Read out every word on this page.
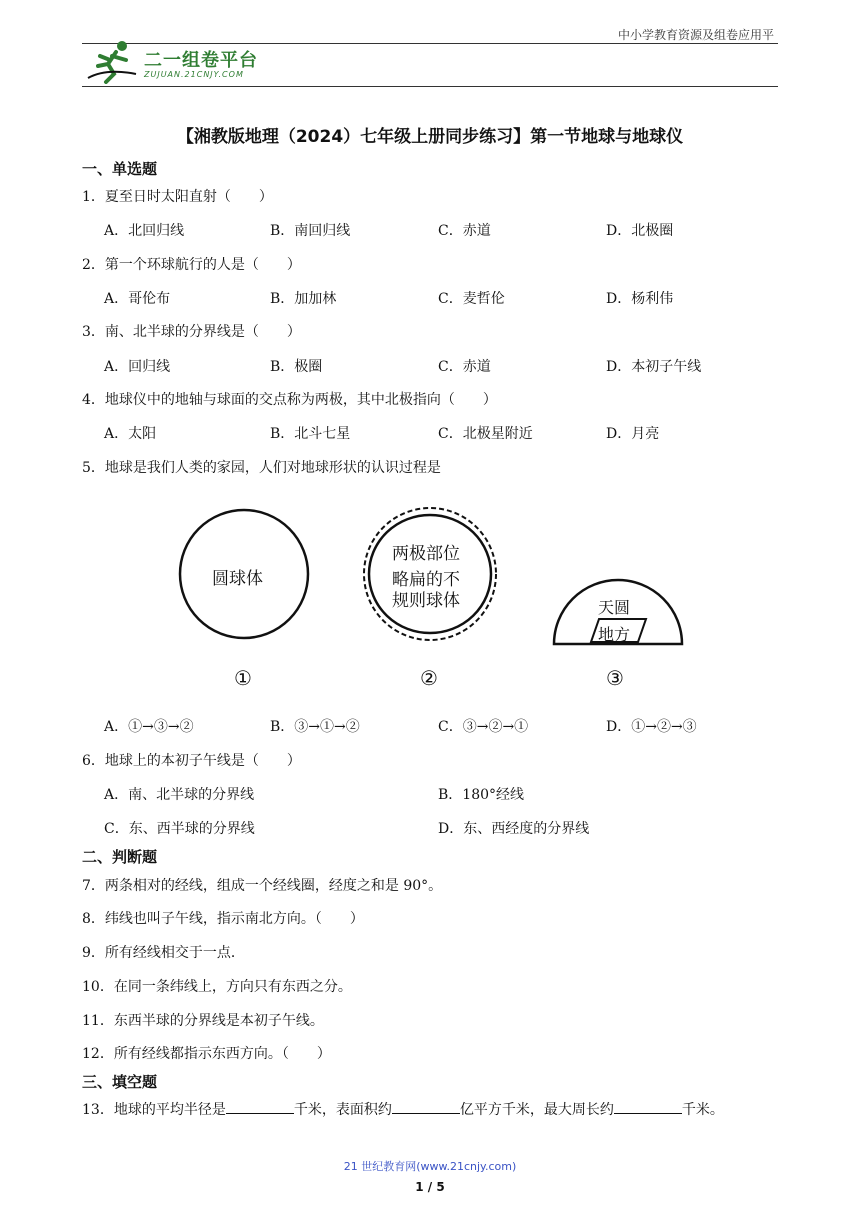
中小学教育资源及组卷应用平
二一组卷平台
ZUJUAN.21CNJY.COM
【湘教版地理（2024）七年级上册同步练习】第一节地球与地球仪
一、单选题
1．夏至日时太阳直射（　　）
A．北回归线	B．南回归线	C．赤道	D．北极圈
2．第一个环球航行的人是（　　）
A．哥伦布	B．加加林	C．麦哲伦	D．杨利伟
3．南、北半球的分界线是（　　）
A．回归线	B．极圈	C．赤道	D．本初子午线
4．地球仪中的地轴与球面的交点称为两极，其中北极指向（　　）
A．太阳	B．北斗七星	C．北极星附近	D．月亮
5．地球是我们人类的家园，人们对地球形状的认识过程是
圆球体
两极部位
略扁的不
规则球体	天圆
地方
①	②	③
A．①→③→②	B．③→①→②	C．③→②→①	D．①→②→③
6．地球上的本初子午线是（　　）
A．南、北半球的分界线	B．180°经线
C．东、西半球的分界线	D．东、西经度的分界线
二、判断题
7．两条相对的经线，组成一个经线圈，经度之和是 90°。
8．纬线也叫子午线，指示南北方向。（　　）
9．所有经线相交于一点．
10．在同一条纬线上，方向只有东西之分。
11．东西半球的分界线是本初子午线。
12．所有经线都指示东西方向。（　　）
三、填空题
13．地球的平均半径是	千米，表面积约	亿平方千米，最大周长约	千米。
21 世纪教育网(www.21cnjy.com)
1 / 5
